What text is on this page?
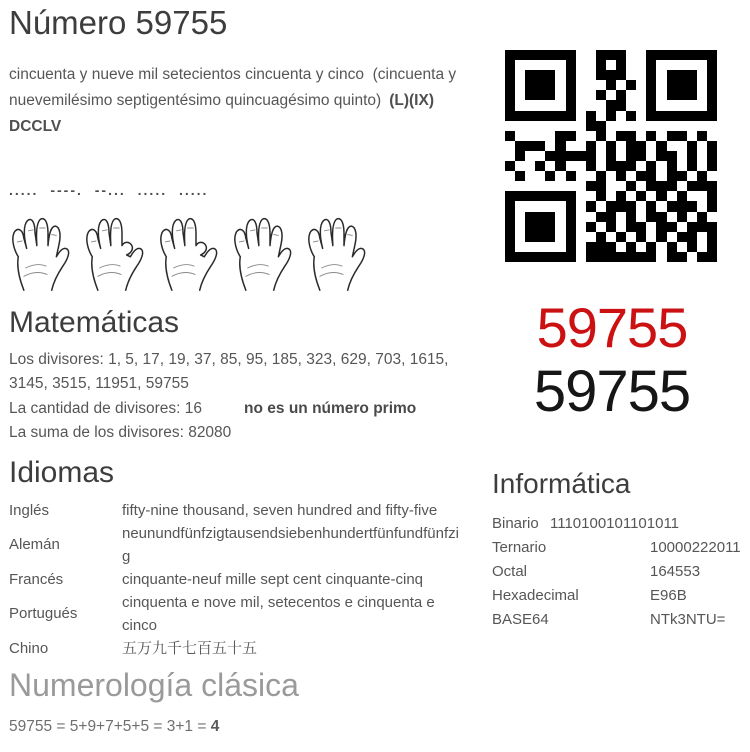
Número 59755

cincuenta y nueve mil setecientos cincuenta y cinco  (cincuenta y nuevemilésimo septigentésimo quincuagésimo quinto) (L)(IX) DCCLV

..... ----. --... ..... .....
Matemáticas
Los divisores: 1, 5, 17, 19, 37, 85, 95, 185, 323, 629, 703, 1615, 3145, 3515, 11951, 59755
La cantidad de divisores: 16	no es un número primo
La suma de los divisores: 82080
Idiomas
Inglés	fifty-nine thousand, seven hundred and fifty-five
Alemán	neunundfünfzigtausendsiebenhundertfünfundfünfzig
Francés	cinquante-neuf mille sept cent cinquante-cinq
Portugués	cinquenta e nove mil, setecentos e cinquenta e cinco
Chino	五万九千七百五十五
59755
59755
Informática
Binario 1110100101101011
Ternario	10000222011
Octal	164553
Hexadecimal	E96B
BASE64	NTk3NTU=
Numerología clásica

59755 = 5+9+7+5+5 = 3+1 = 4
